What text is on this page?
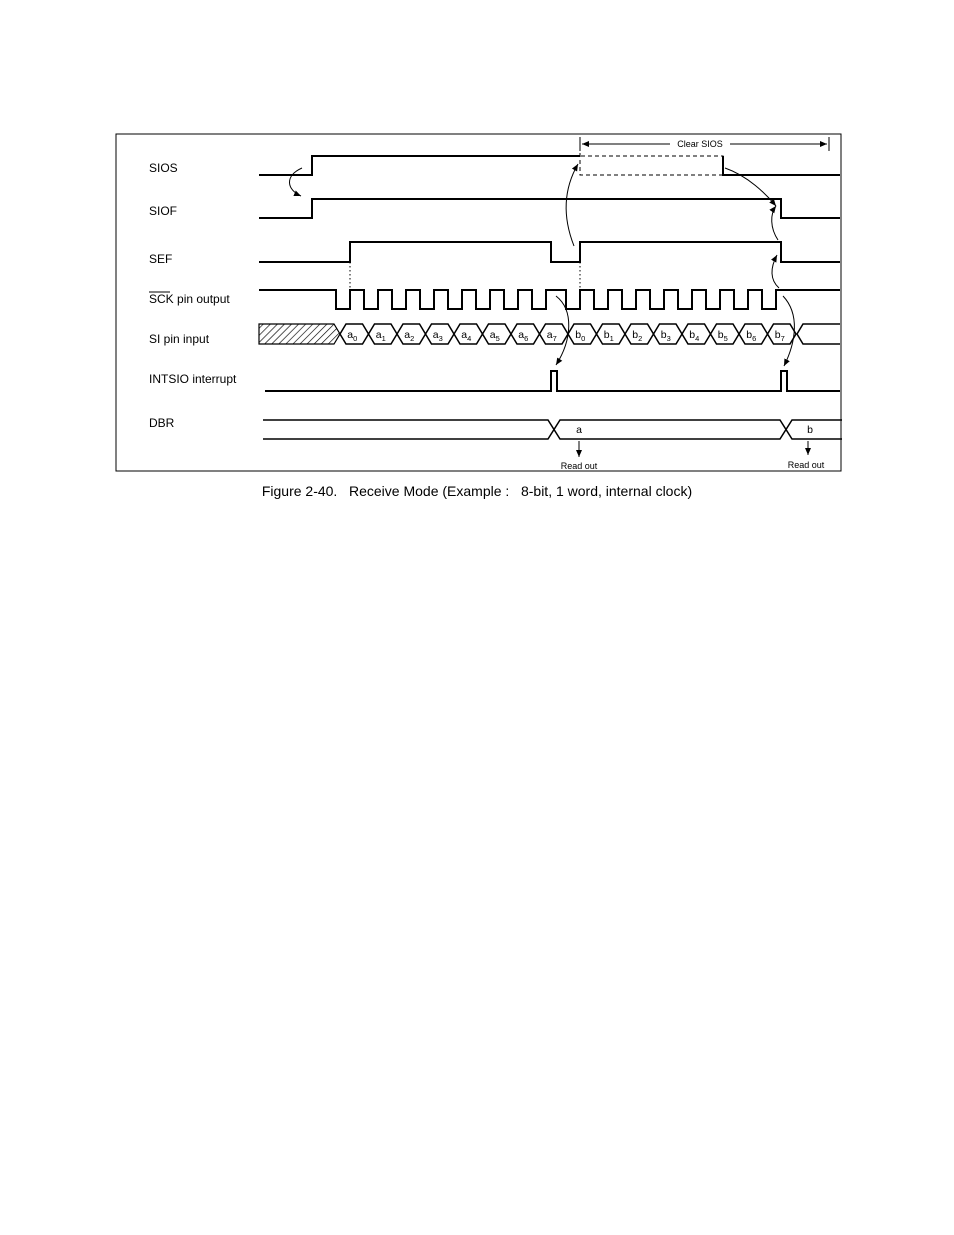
SIOS
SIOF
SEF
SCK pin output
SI pin input
INTSIO interrupt
DBR
$a_0$ $a_1$ $a_2$ $a_3$ $a_4$ $a_5$ $a_6$ $a_7$ $b_0$ $b_1$ $b_2$ $b_3$ $b_4$ $b_5$ $b_6$ $b_7$
a	b
Read out	Read out
Clear SIOS
Figure 2-40.   Receive Mode (Example :   8-bit, 1 word, internal clock)
